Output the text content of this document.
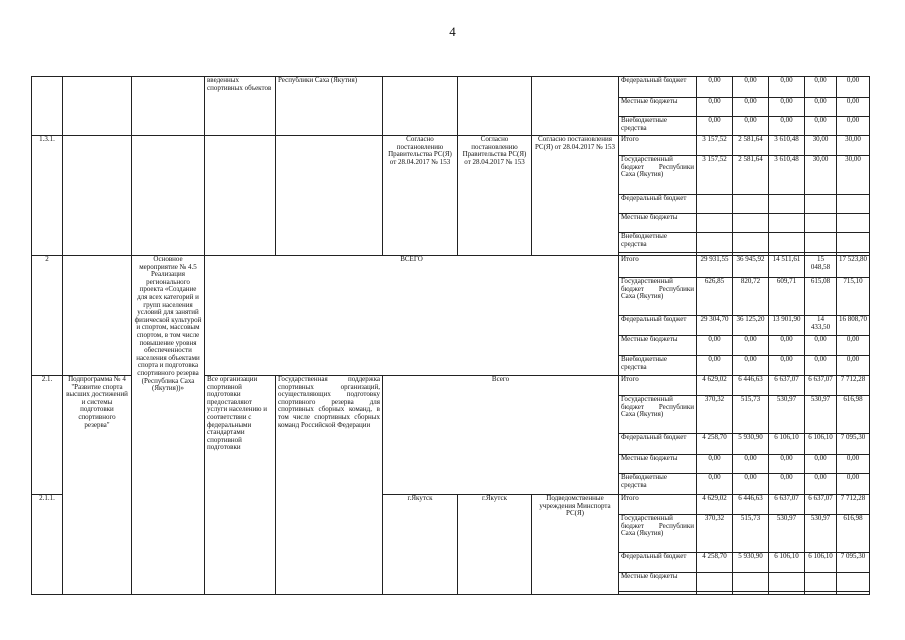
4
			введенных спортивных объектов	Республики Саха (Якутия)				Федеральный бюджет	0,00	0,00	0,00	0,00	0,00
								Местные бюджеты	0,00	0,00	0,00	0,00	0,00
								Внебюджетные средства	0,00	0,00	0,00	0,00	0,00
1.3.1.					Согласно постановлению Правительства РС(Я) от 28.04.2017 № 153	Согласно постановлению Правительства РС(Я) от 28.04.2017 № 153	Согласно постановления РС(Я) от 28.04.2017 № 153	Итого	3 157,52	2 581,64	3 610,48	30,00	30,00
								Государственный бюджет Республики Саха (Якутия)	3 157,52	2 581,64	3 610,48	30,00	30,00
								Федеральный бюджет					
								Местные бюджеты					
								Внебюджетные средства					

2		Основное мероприятие № 4.5 Реализация регионального проекта «Создание для всех категорий и групп населения условий для занятий физической культурой и спортом, массовым спортом, в том числе повышение уровня обеспеченности населения объектами спорта и подготовка спортивного резерва (Республика Саха (Якутия))»	ВСЕГО					Итого	29 931,55	36 945,92	14 511,61	15 048,58	17 523,80
								Государственный бюджет Республики Саха (Якутия)	626,85	820,72	609,71	615,08	715,10
								Федеральный бюджет	29 304,70	36 125,20	13 901,90	14 433,50	16 808,70
								Местные бюджеты	0,00	0,00	0,00	0,00	0,00
								Внебюджетные средства	0,00	0,00	0,00	0,00	0,00
2.1.	Подпрограмма № 4 "Развитие спорта высших достижений и системы подготовки спортивного резерва"		Все организации спортивной подготовки предоставляют услуги населению и соответствии с федеральными стандартами спортивной подготовки	Государственная поддержка спортивных организаций, осуществляющих подготовку спортивного резерва для спортивных сборных команд, в том числе спортивных сборных команд Российской Федерации	Всего			Итого	4 629,02	6 446,63	6 637,07	6 637,07	7 712,28
								Государственный бюджет Республики Саха (Якутия)	370,32	515,73	530,97	530,97	616,98
								Федеральный бюджет	4 258,70	5 930,90	6 106,10	6 106,10	7 095,30
								Местные бюджеты	0,00	0,00	0,00	0,00	0,00
								Внебюджетные средства	0,00	0,00	0,00	0,00	0,00
2.1.1.					г.Якутск	г.Якутск	Подведомственные учреждения Минспорта РС(Я)	Итого	4 629,02	6 446,63	6 637,07	6 637,07	7 712,28
								Государственный бюджет Республики Саха (Якутия)	370,32	515,73	530,97	530,97	616,98
								Федеральный бюджет	4 258,70	5 930,90	6 106,10	6 106,10	7 095,30
								Местные бюджеты					
